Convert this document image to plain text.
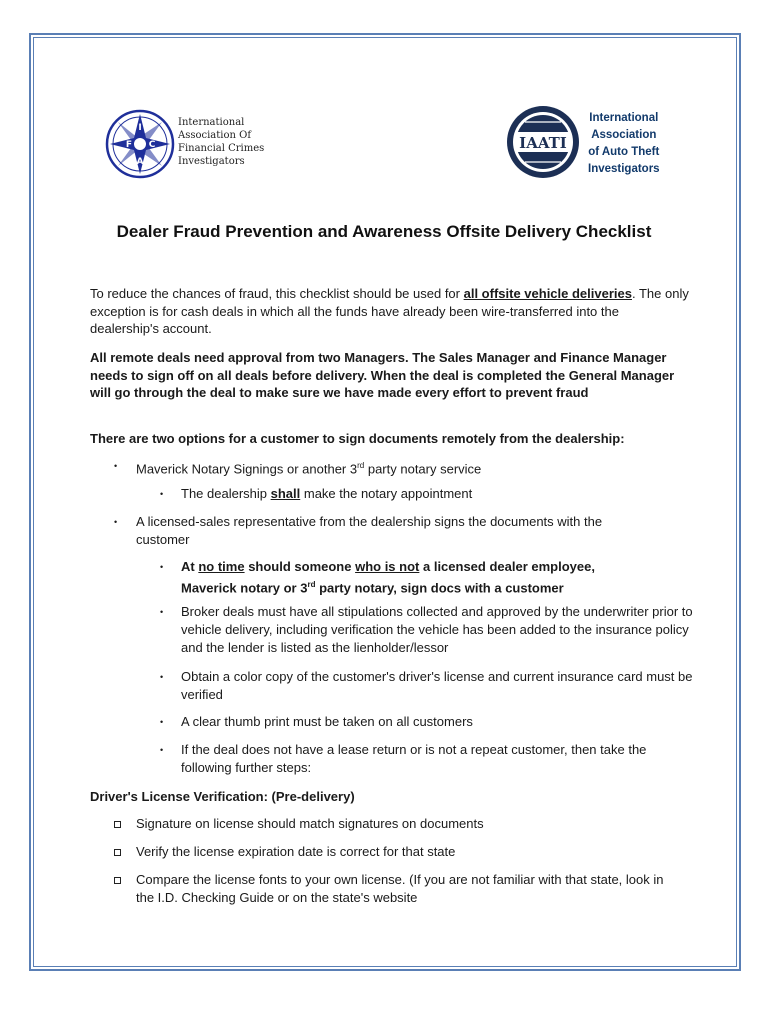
I
F C
A
International
Association Of
Financial Crimes
Investigators
IAATI
International
Association
of Auto Theft
Investigators
Dealer Fraud Prevention and Awareness Offsite Delivery Checklist
To reduce the chances of fraud, this checklist should be used for all offsite vehicle deliveries. The only exception is for cash deals in which all the funds have already been wire-transferred into the dealership's account.
All remote deals need approval from two Managers. The Sales Manager and Finance Manager needs to sign off on all deals before delivery. When the deal is completed the General Manager will go through the deal to make sure we have made every effort to prevent fraud
There are two options for a customer to sign documents remotely from the dealership:
• Maverick Notary Signings or another 3rd party notary service
• The dealership shall make the notary appointment
• A licensed-sales representative from the dealership signs the documents with the customer
• At no time should someone who is not a licensed dealer employee,
Maverick notary or 3rd party notary, sign docs with a customer
• Broker deals must have all stipulations collected and approved by the underwriter prior to vehicle delivery, including verification the vehicle has been added to the insurance policy and the lender is listed as the lienholder/lessor
• Obtain a color copy of the customer's driver's license and current insurance card must be verified
• A clear thumb print must be taken on all customers
• If the deal does not have a lease return or is not a repeat customer, then take the following further steps:
Driver's License Verification: (Pre-delivery)
Signature on license should match signatures on documents
Verify the license expiration date is correct for that state
Compare the license fonts to your own license. (If you are not familiar with that state, look in the I.D. Checking Guide or on the state's website
